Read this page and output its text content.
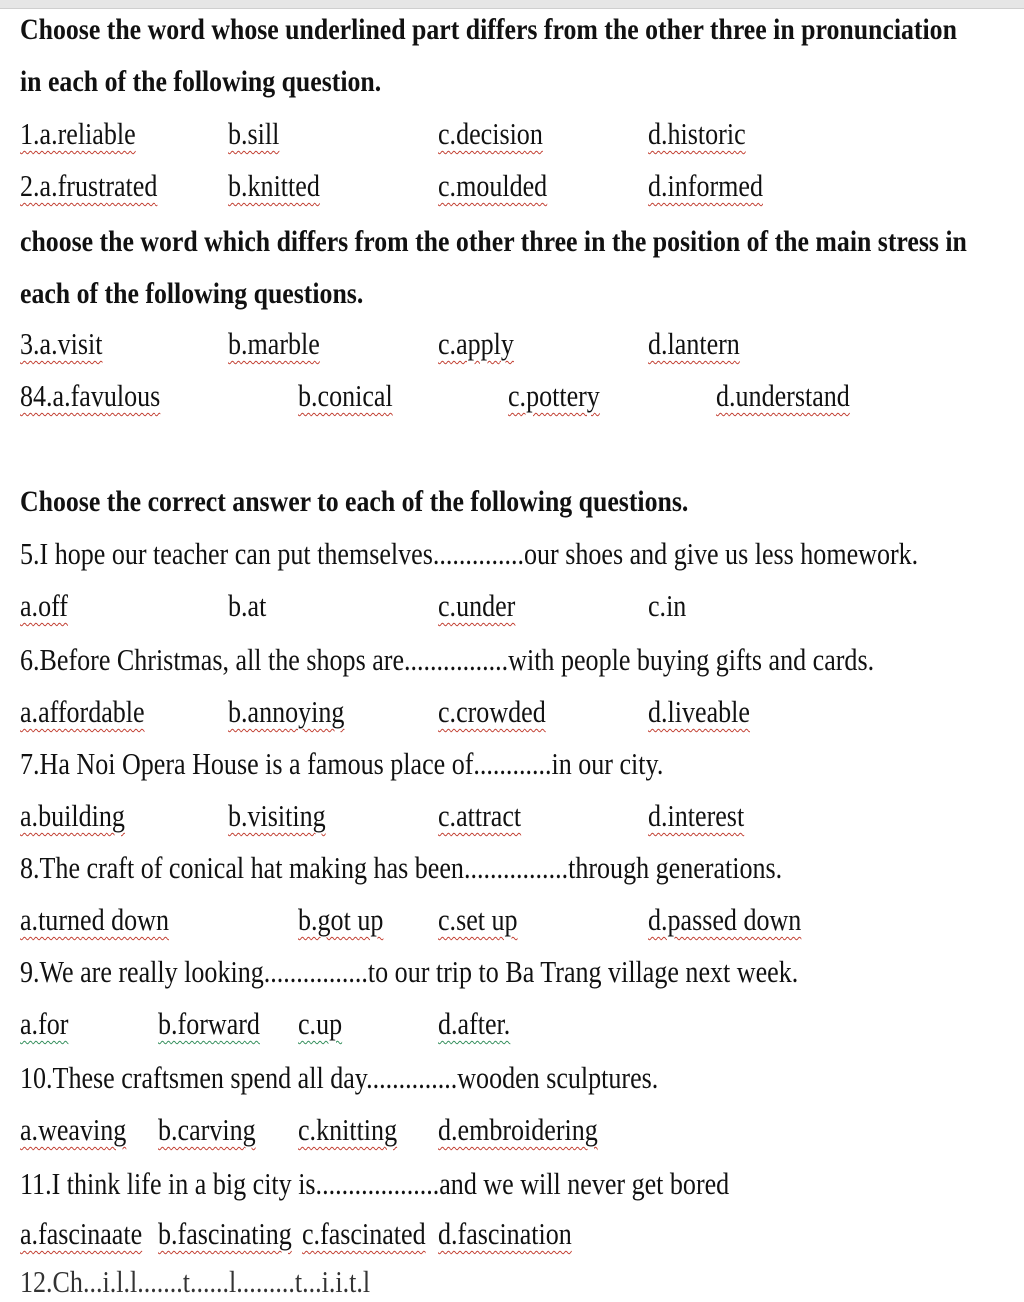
Choose the word whose underlined part differs from the other three in pronunciation

in each of the following question.

1.a.reliable	b.sill	c.decision	d.historic
2.a.frustrated b.knitted	c.moulded	d.informed

choose the word which differs from the other three in the position of the main stress in

each of the following questions.

3.a.visit	b.marble	c.apply	d.lantern
84.a.favulous	b.conical	c.pottery	d.understand

Choose the correct answer to each of the following questions.

5.I hope our teacher can put themselves..............our shoes and give us less homework.
a.off	b.at	c.under	c.in
6.Before Christmas, all the shops are................with people buying gifts and cards.
a.affordable	b.annoying	c.crowded	d.liveable
7.Ha Noi Opera House is a famous place of............in our city.
a.building	b.visiting	c.attract	d.interest
8.The craft of conical hat making has been................through generations.
a.turned down	b.got up c.set up	d.passed down
9.We are really looking................to our trip to Ba Trang village next week.
a.for	b.forward c.up	d.after.
10.These craftsmen spend all day..............wooden sculptures.
a.weaving b.carving c.knitting d.embroidering
11.I think life in a big city is...................and we will never get bored
a.fascinaate b.fascinating c.fascinated d.fascination
12.Ch...i.l.l.......t......l.........t...i.i.t.l
